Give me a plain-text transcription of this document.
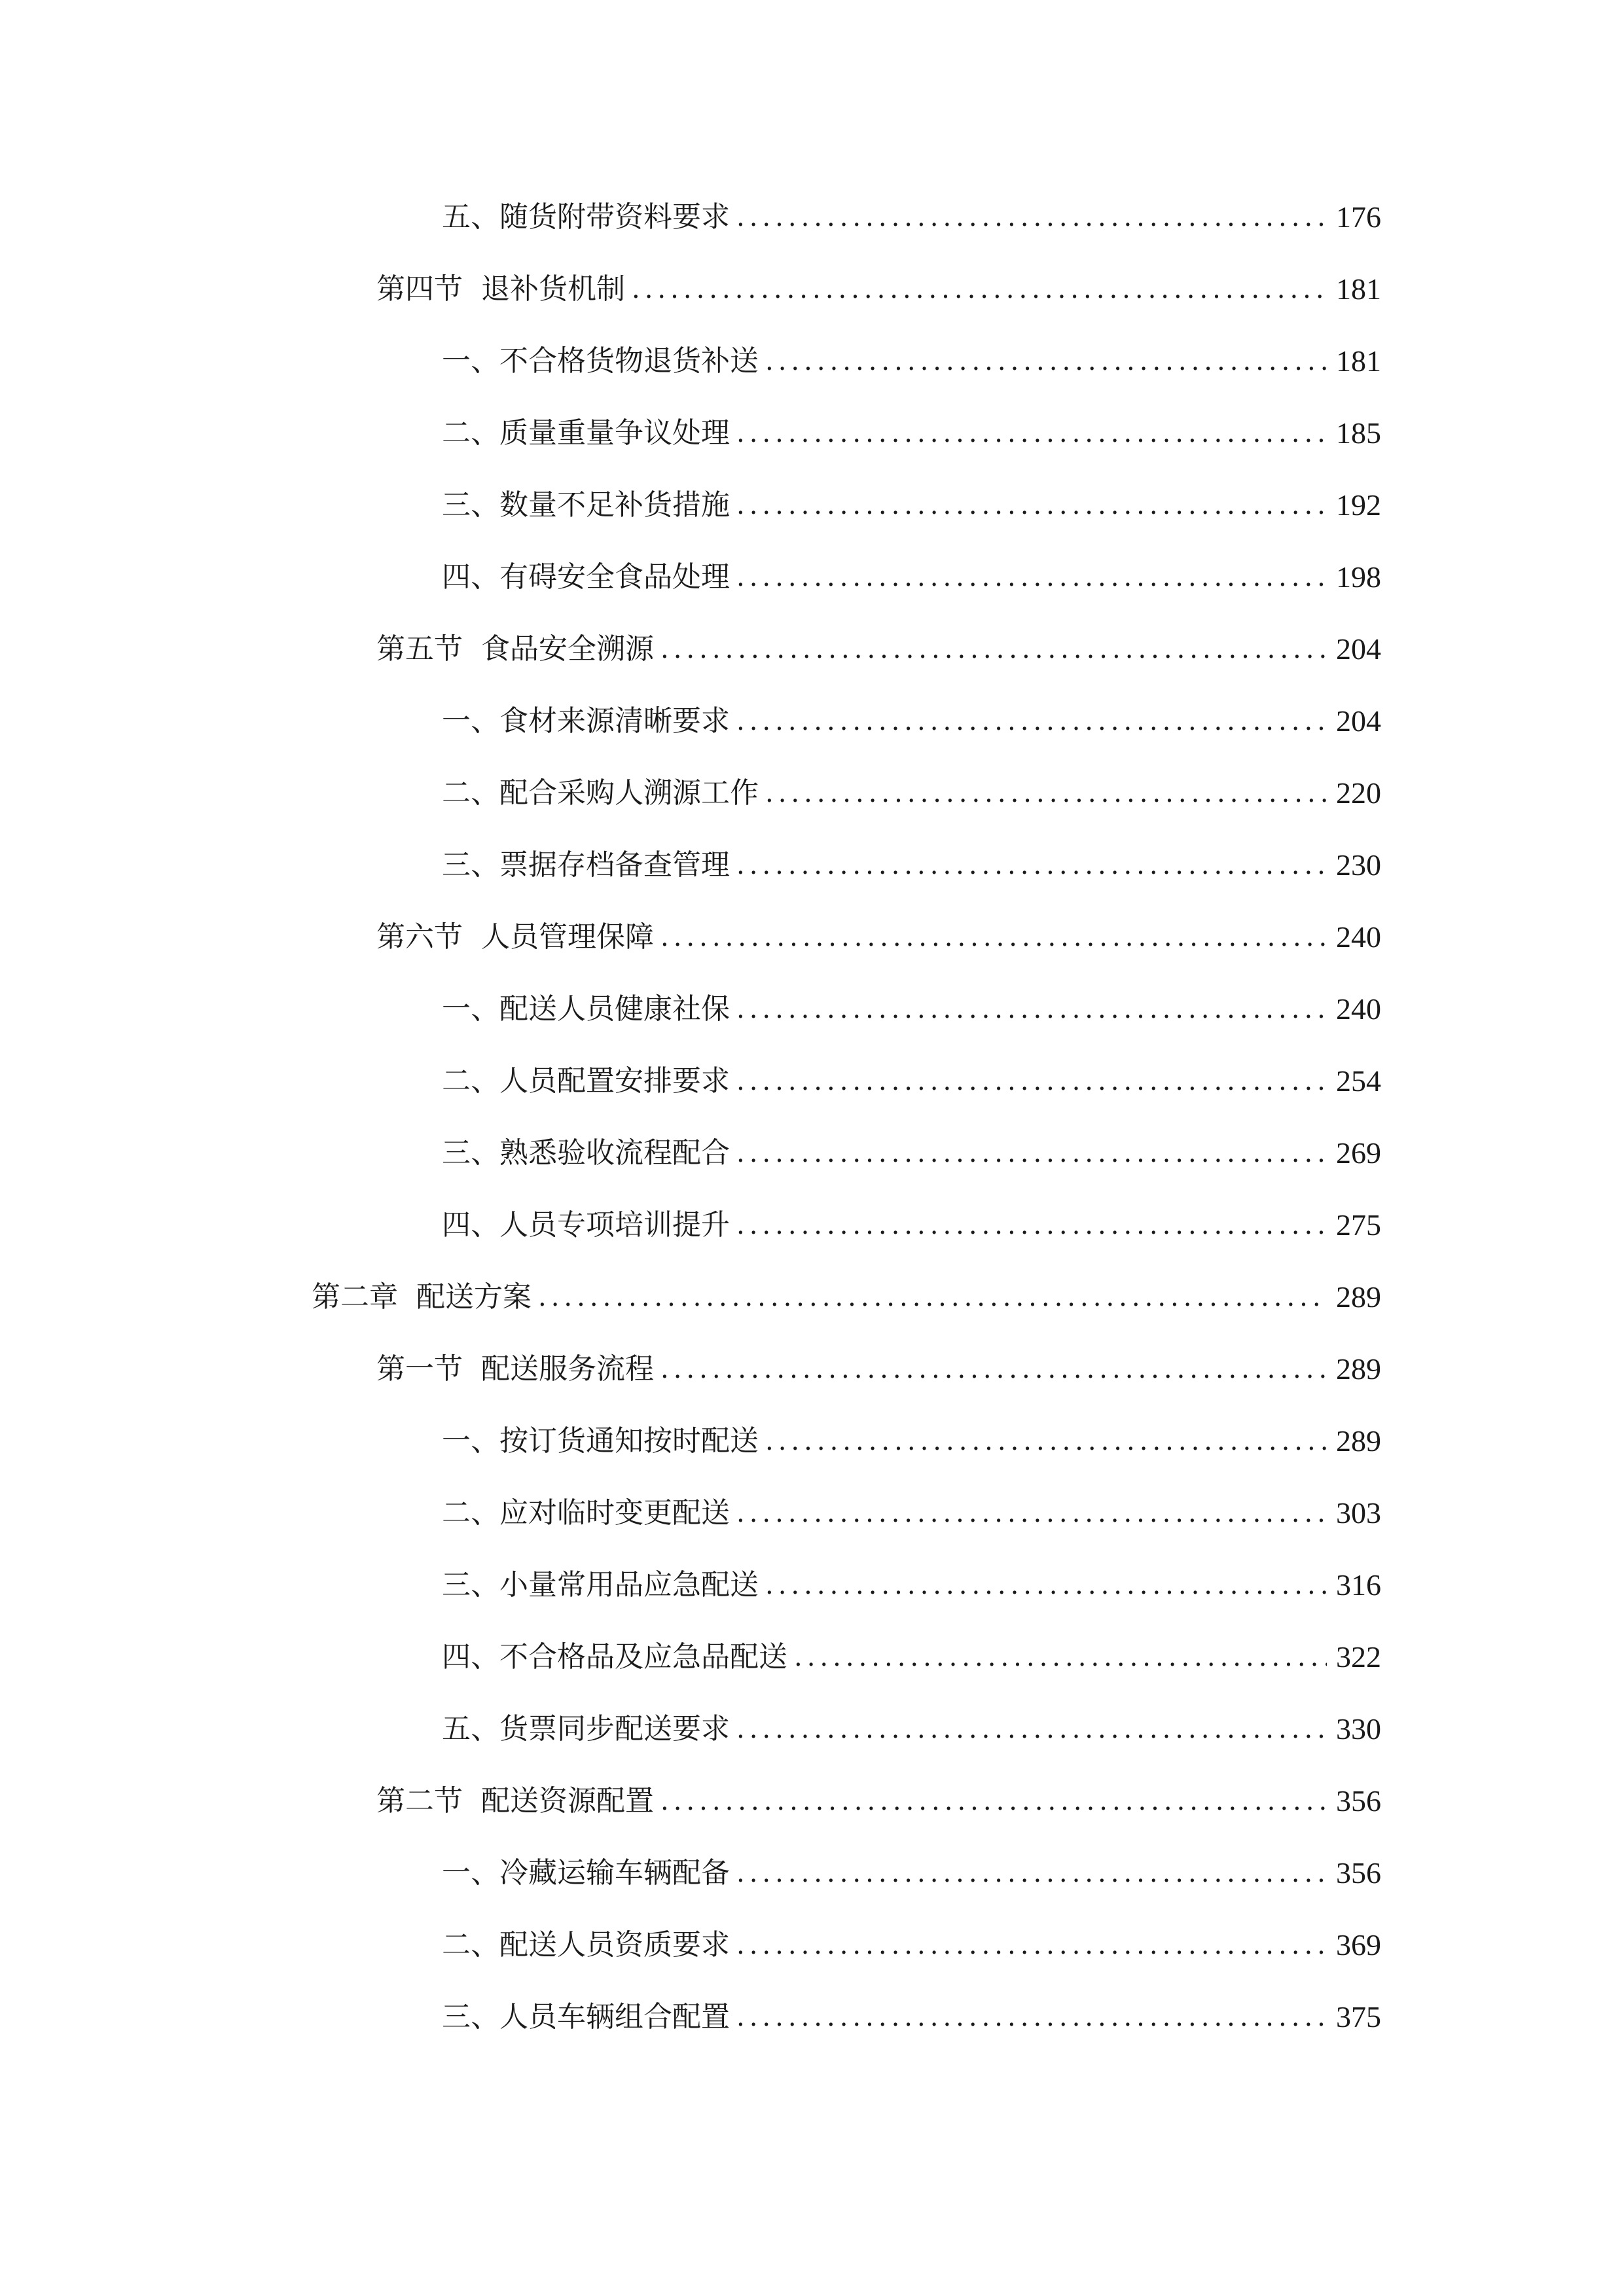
五、 随货附带资料要求 .....	176
第四节 退补货机制 .....	181
一、 不合格货物退货补送 .....	181
二、 质量重量争议处理 .....	185
三、 数量不足补货措施 .....	192
四、 有碍安全食品处理 .....	198
第五节 食品安全溯源 .....	204
一、 食材来源清晰要求 .....	204
二、 配合采购人溯源工作 .....	220
三、 票据存档备查管理 .....	230
第六节 人员管理保障 .....	240
一、 配送人员健康社保 .....	240
二、 人员配置安排要求 .....	254
三、 熟悉验收流程配合 .....	269
四、 人员专项培训提升 .....	275
第二章 配送方案 .....	289
第一节 配送服务流程 .....	289
一、 按订货通知按时配送 .....	289
二、 应对临时变更配送 .....	303
三、 小量常用品应急配送 .....	316
四、 不合格品及应急品配送 .....	322
五、 货票同步配送要求 .....	330
第二节 配送资源配置 .....	356
一、 冷藏运输车辆配备 .....	356
二、 配送人员资质要求 .....	369
三、 人员车辆组合配置 .....	375
